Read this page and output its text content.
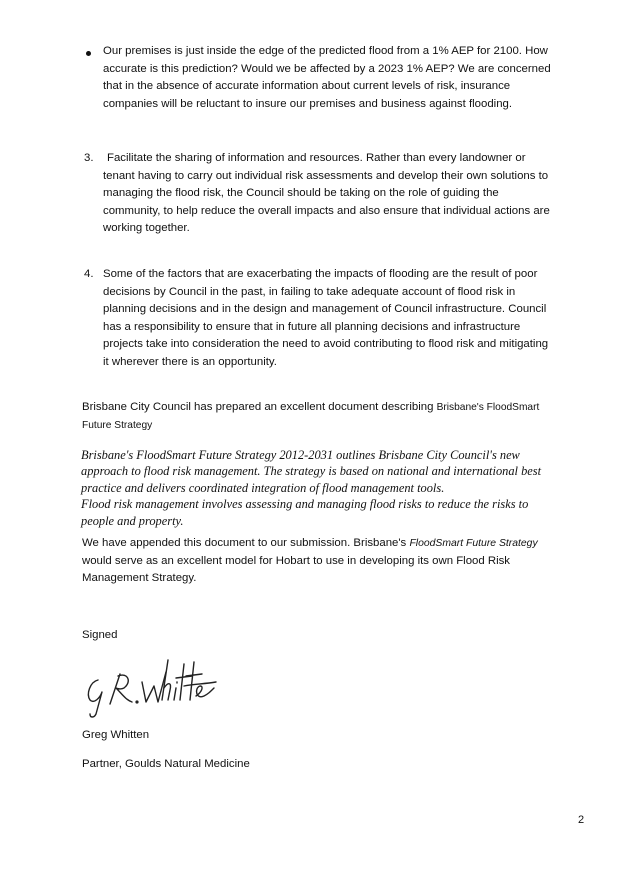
Our premises is just inside the edge of the predicted flood from a 1% AEP for 2100. How accurate is this prediction? Would we be affected by a 2023 1% AEP? We are concerned that in the absence of accurate information about current levels of risk, insurance companies will be reluctant to insure our premises and business against flooding.

3.	Facilitate the sharing of information and resources. Rather than every landowner or tenant having to carry out individual risk assessments and develop their own solutions to managing the flood risk, the Council should be taking on the role of guiding the community, to help reduce the overall impacts and also ensure that individual actions are working together.

4. Some of the factors that are exacerbating the impacts of flooding are the result of poor decisions by Council in the past, in failing to take adequate account of flood risk in planning decisions and in the design and management of Council infrastructure. Council has a responsibility to ensure that in future all planning decisions and infrastructure projects take into consideration the need to avoid contributing to flood risk and mitigating it wherever there is an opportunity.

Brisbane City Council has prepared an excellent document describing Brisbane's FloodSmart Future Strategy

Brisbane's FloodSmart Future Strategy 2012-2031 outlines Brisbane City Council's new approach to flood risk management. The strategy is based on national and international best practice and delivers coordinated integration of flood management tools.

Flood risk management involves assessing and managing flood risks to reduce the risks to people and property.

We have appended this document to our submission. Brisbane's FloodSmart Future Strategy would serve as an excellent model for Hobart to use in developing its own Flood Risk Management Strategy.

Signed

Greg Whitten

Partner, Goulds Natural Medicine

2
